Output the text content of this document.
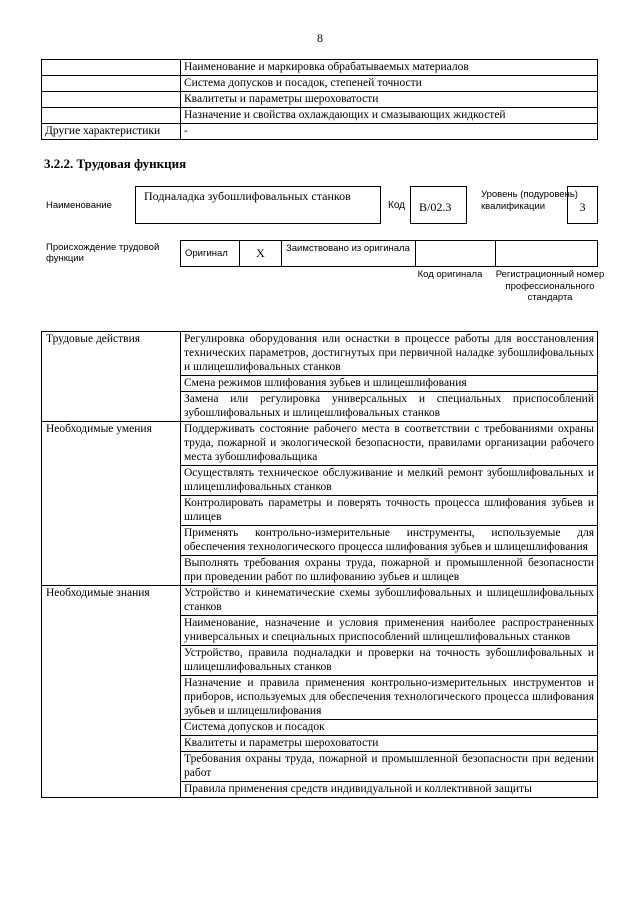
8
	Наименование и маркировка обрабатываемых материалов
	Система допусков и посадок, степеней точности
	Квалитеты и параметры шероховатости
	Назначение и свойства охлаждающих и смазывающих жидкостей
Другие характеристики	-
3.2.2. Трудовая функция
Наименование
Подналадка зубошлифовальных станков
Код	B/02.3
Уровень (подуровень) квалификации	3
Происхождение трудовой функции	Оригинал	X	Заимствовано из оригинала		
Код оригинала	Регистрационный номер профессионального стандарта
Трудовые действия	Регулировка оборудования или оснастки в процессе работы для восстановления технических параметров, достигнутых при первичной наладке зубошлифовальных и шлицешлифовальных станков
	Смена режимов шлифования зубьев и шлицешлифования
	Замена или регулировка универсальных и специальных приспособлений зубошлифовальных и шлицешлифовальных станков
Необходимые умения	Поддерживать состояние рабочего места в соответствии с требованиями охраны труда, пожарной и экологической безопасности, правилами организации рабочего места зубошлифовальщика
	Осуществлять техническое обслуживание и мелкий ремонт зубошлифовальных и шлицешлифовальных станков
	Контролировать параметры и поверять точность процесса шлифования зубьев и шлицев
	Применять контрольно-измерительные инструменты, используемые для обеспечения технологического процесса шлифования зубьев и шлицешлифования
	Выполнять требования охраны труда, пожарной и промышленной безопасности при проведении работ по шлифованию зубьев и шлицев
Необходимые знания	Устройство и кинематические схемы зубошлифовальных и шлицешлифовальных станков
	Наименование, назначение и условия применения наиболее распространенных универсальных и специальных приспособлений шлицешлифовальных станков
	Устройство, правила подналадки и проверки на точность зубошлифовальных и шлицешлифовальных станков
	Назначение и правила применения контрольно-измерительных инструментов и приборов, используемых для обеспечения технологического процесса шлифования зубьев и шлицешлифования
	Система допусков и посадок
	Квалитеты и параметры шероховатости
	Требования охраны труда, пожарной и промышленной безопасности при ведении работ
	Правила применения средств индивидуальной и коллективной защиты
